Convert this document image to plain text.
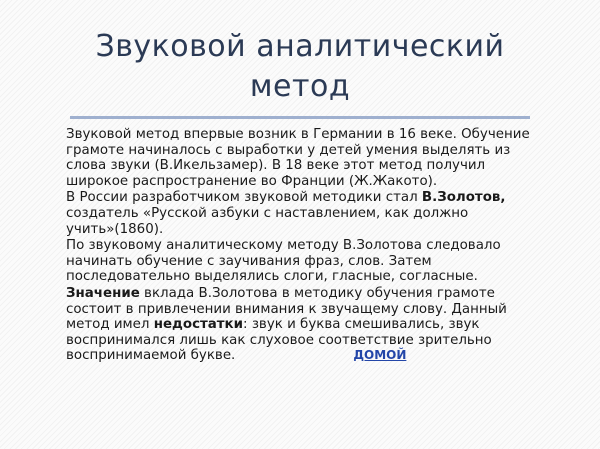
Звуковой аналитический
метод
Звуковой метод впервые возник в Германии в 16 веке. Обучение
грамоте начиналось с выработки у детей умения выделять из
слова звуки (В.Икельзамер). В 18 веке этот метод получил
широкое распространение во Франции (Ж.Жакото).
В России разработчиком звуковой методики стал В.Золотов,
создатель «Русской азбуки с наставлением, как должно
учить»(1860).
По звуковому аналитическому методу В.Золотова следовало
начинать обучение с заучивания фраз, слов. Затем
последовательно выделялись слоги, гласные, согласные.
Значение вклада В.Золотова в методику обучения грамоте
состоит в привлечении внимания к звучащему слову. Данный
метод имел недостатки: звук и буква смешивались, звук
воспринимался лишь как слуховое соответствие зрительно
воспринимаемой букве.	ДОМОЙ
